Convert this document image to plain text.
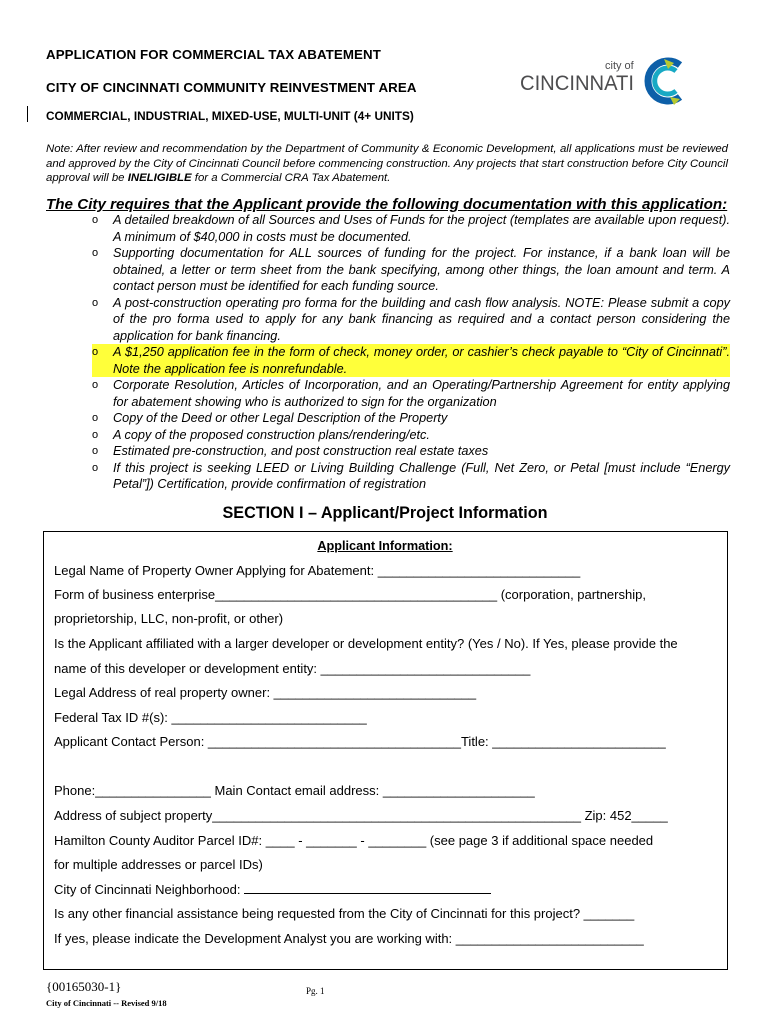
APPLICATION FOR COMMERCIAL TAX ABATEMENT
CITY OF CINCINNATI COMMUNITY REINVESTMENT AREA
COMMERCIAL, INDUSTRIAL, MIXED-USE, MULTI-UNIT (4+ UNITS)
city of
CINCINNATI
Note: After review and recommendation by the Department of Community & Economic Development, all applications must be reviewed and approved by the City of Cincinnati Council before commencing construction. Any projects that start construction before City Council approval will be INELIGIBLE for a Commercial CRA Tax Abatement.
The City requires that the Applicant provide the following documentation with this application:
o A detailed breakdown of all Sources and Uses of Funds for the project (templates are available upon request). A minimum of $40,000 in costs must be documented.
o Supporting documentation for ALL sources of funding for the project. For instance, if a bank loan will be obtained, a letter or term sheet from the bank specifying, among other things, the loan amount and term. A contact person must be identified for each funding source.
o A post-construction operating pro forma for the building and cash flow analysis. NOTE: Please submit a copy of the pro forma used to apply for any bank financing as required and a contact person considering the application for bank financing.
o A $1,250 application fee in the form of check, money order, or cashier’s check payable to “City of Cincinnati”. Note the application fee is nonrefundable.
o Corporate Resolution, Articles of Incorporation, and an Operating/Partnership Agreement for entity applying for abatement showing who is authorized to sign for the organization
o Copy of the Deed or other Legal Description of the Property
o A copy of the proposed construction plans/rendering/etc.
o Estimated pre-construction, and post construction real estate taxes
o If this project is seeking LEED or Living Building Challenge (Full, Net Zero, or Petal [must include “Energy Petal”]) Certification, provide confirmation of registration
SECTION I – Applicant/Project Information
Applicant Information:
Legal Name of Property Owner Applying for Abatement: ____________________________
Form of business enterprise_______________________________________ (corporation, partnership,
proprietorship, LLC, non-profit, or other)
Is the Applicant affiliated with a larger developer or development entity? (Yes / No). If Yes, please provide the
name of this developer or development entity: _____________________________
Legal Address of real property owner: ____________________________
Federal Tax ID #(s): ___________________________
Applicant Contact Person: ___________________________________Title: ________________________
Phone:________________ Main Contact email address: _____________________
Address of subject property___________________________________________________ Zip: 452_____
Hamilton County Auditor Parcel ID#: ____ - _______ - ________ (see page 3 if additional space needed
for multiple addresses or parcel IDs)
City of Cincinnati Neighborhood:
Is any other financial assistance being requested from the City of Cincinnati for this project? _______
If yes, please indicate the Development Analyst you are working with: __________________________
{00165030-1}	Pg. 1
City of Cincinnati -- Revised 9/18
